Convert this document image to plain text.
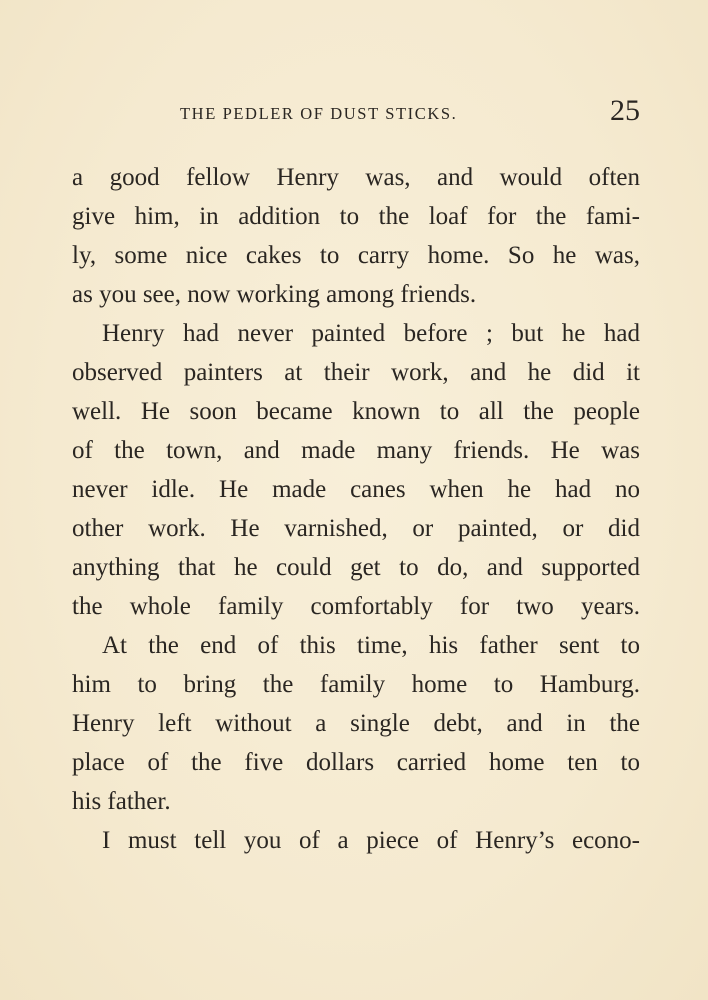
THE PEDLER OF DUST STICKS.	25
a good fellow Henry was, and would often
give him, in addition to the loaf for the fami-
ly, some nice cakes to carry home. So he was,
as you see, now working among friends.
Henry had never painted before ; but he had
observed painters at their work, and he did it
well. He soon became known to all the people
of the town, and made many friends. He was
never idle. He made canes when he had no
other work. He varnished, or painted, or did
anything that he could get to do, and supported
the whole family comfortably for two years.
At the end of this time, his father sent to
him to bring the family home to Hamburg.
Henry left without a single debt, and in the
place of the five dollars carried home ten to
his father.
I must tell you of a piece of Henry’s econo-
